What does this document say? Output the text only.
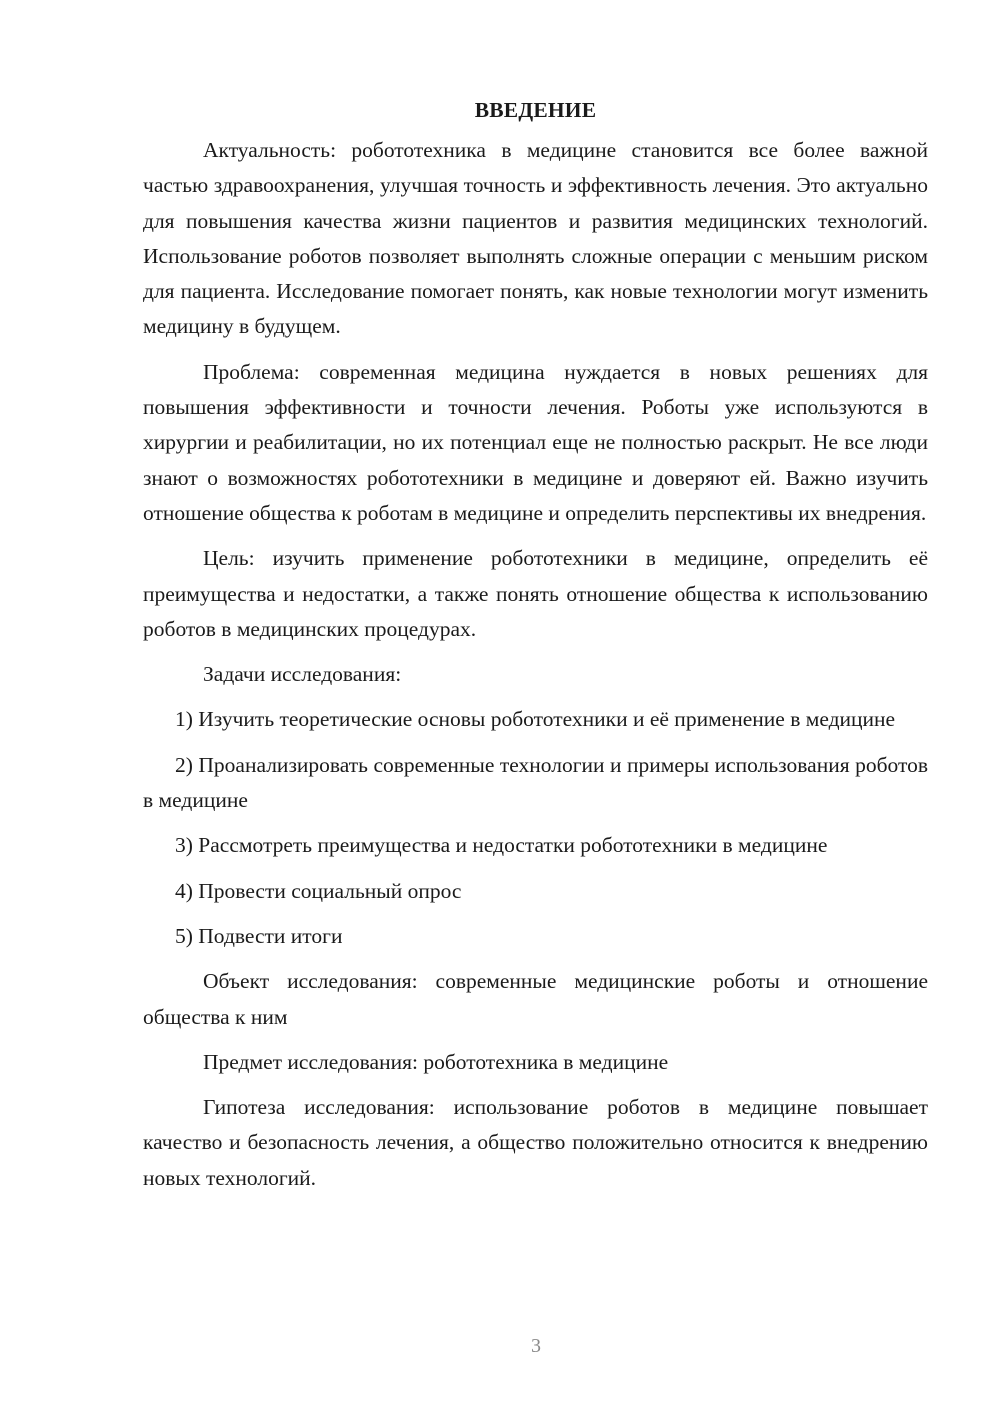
ВВЕДЕНИЕ

Актуальность: робототехника в медицине становится все более важной частью здравоохранения, улучшая точность и эффективность лечения. Это актуально для повышения качества жизни пациентов и развития медицинских технологий. Использование роботов позволяет выполнять сложные операции с меньшим риском для пациента. Исследование помогает понять, как новые технологии могут изменить медицину в будущем.

Проблема: современная медицина нуждается в новых решениях для повышения эффективности и точности лечения. Роботы уже используются в хирургии и реабилитации, но их потенциал еще не полностью раскрыт. Не все люди знают о возможностях робототехники в медицине и доверяют ей. Важно изучить отношение общества к роботам в медицине и определить перспективы их внедрения.

Цель: изучить применение робототехники в медицине, определить её преимущества и недостатки, а также понять отношение общества к использованию роботов в медицинских процедурах.

Задачи исследования:

1) Изучить теоретические основы робототехники и её применение в медицине

2) Проанализировать современные технологии и примеры использования роботов в медицине

3) Рассмотреть преимущества и недостатки робототехники в медицине

4) Провести социальный опрос

5) Подвести итоги

Объект исследования: современные медицинские роботы и отношение общества к ним

Предмет исследования: робототехника в медицине

Гипотеза исследования: использование роботов в медицине повышает качество и безопасность лечения, а общество положительно относится к внедрению новых технологий.

3
